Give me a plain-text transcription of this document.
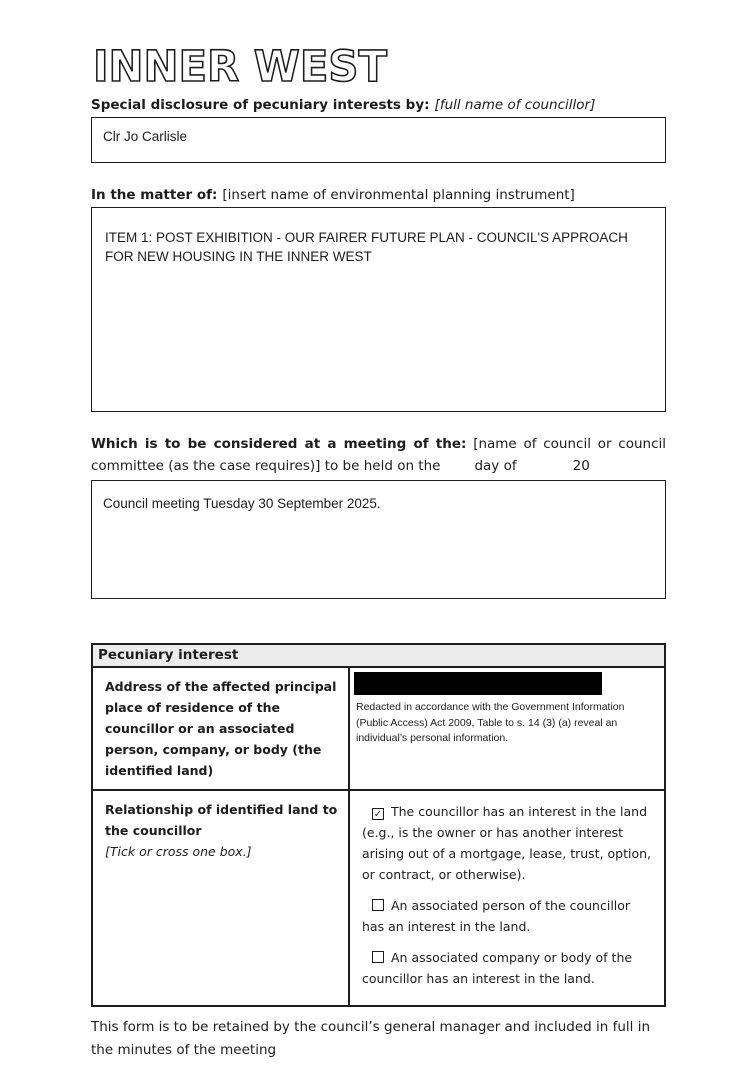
INNER WEST

Special disclosure of pecuniary interests by: [full name of councillor]

Clr Jo Carlisle

In the matter of: [insert name of environmental planning instrument]

ITEM 1: POST EXHIBITION - OUR FAIRER FUTURE PLAN - COUNCIL'S APPROACH FOR NEW HOUSING IN THE INNER WEST

Which is to be considered at a meeting of the: [name of council or council committee (as the case requires)] to be held on the	day of	20

Council meeting Tuesday 30 September 2025.
Pecuniary interest
Address of the affected principal place of residence of the councillor or an associated person, company, or body (the identified land)
Redacted in accordance with the Government Information (Public Access) Act 2009, Table to s. 14 (3) (a) reveal an individual’s personal information.
Relationship of identified land to the councillor
[Tick or cross one box.]

✓ The councillor has an interest in the land (e.g., is the owner or has another interest arising out of a mortgage, lease, trust, option, or contract, or otherwise).

An associated person of the councillor has an interest in the land.

An associated company or body of the councillor has an interest in the land.

This form is to be retained by the council’s general manager and included in full in the minutes of the meeting
